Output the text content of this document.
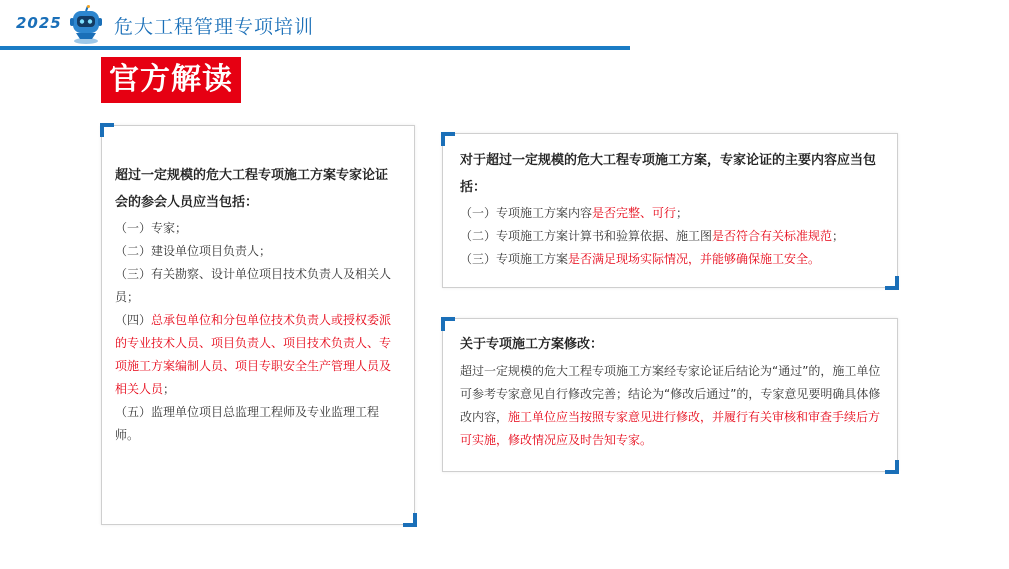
2025	危大工程管理专项培训
官方解读
超过一定规模的危大工程专项施工方案专家论证会的参会人员应当包括：
（一）专家；
（二）建设单位项目负责人；
（三）有关勘察、设计单位项目技术负责人及相关人员；
（四）总承包单位和分包单位技术负责人或授权委派的专业技术人员、项目负责人、项目技术负责人、专项施工方案编制人员、项目专职安全生产管理人员及相关人员；
（五）监理单位项目总监理工程师及专业监理工程师。
对于超过一定规模的危大工程专项施工方案，专家论证的主要内容应当包括：
（一）专项施工方案内容是否完整、可行；
（二）专项施工方案计算书和验算依据、施工图是否符合有关标准规范；
（三）专项施工方案是否满足现场实际情况，并能够确保施工安全。
关于专项施工方案修改：
超过一定规模的危大工程专项施工方案经专家论证后结论为“通过”的，施工单位可参考专家意见自行修改完善；结论为“修改后通过”的，专家意见要明确具体修改内容，施工单位应当按照专家意见进行修改，并履行有关审核和审查手续后方可实施，修改情况应及时告知专家。
